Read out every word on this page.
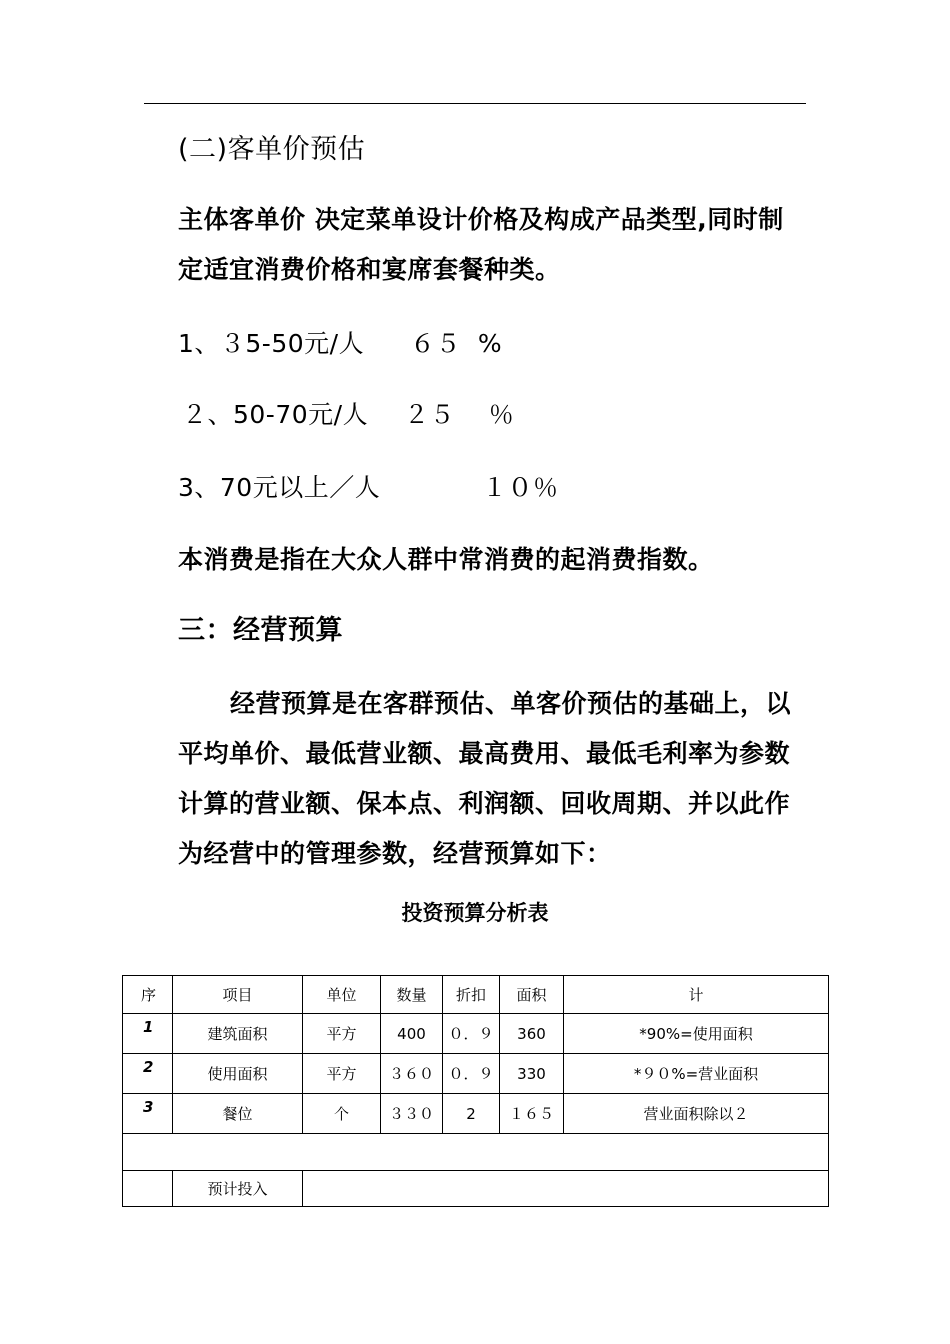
(二)客单价预估

主体客单价 决定菜单设计价格及构成产品类型,同时制

定适宜消费价格和宴席套餐种类。

1、３5-50元/人 ６５  %

２、50-70元/人 ２５    ％

3、70元以上／人	１０％

本消费是指在大众人群中常消费的起消费指数。

三：经营预算

经营预算是在客群预估、单客价预估的基础上，以

平均单价、最低营业额、最高费用、最低毛利率为参数

计算的营业额、保本点、利润额、回收周期、并以此作

为经营中的管理参数，经营预算如下：

投资预算分析表
序	项目	单位	数量	折扣	面积	计
1	建筑面积	平方	400	０．９	360	*90%=使用面积
2	使用面积	平方	３６０	０．９	330	*９０%=营业面积
3	餐位	个	３３０	2	１６５	营业面积除以２

	预计投入					
